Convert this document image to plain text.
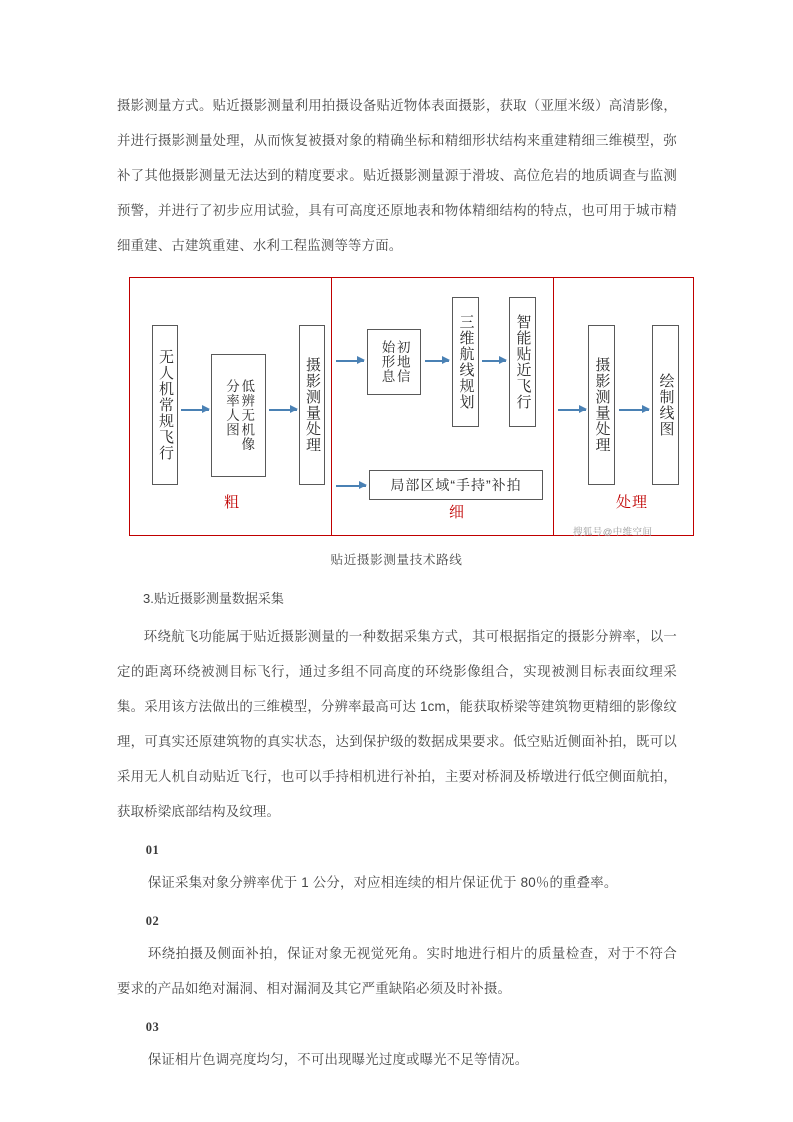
摄影测量方式。贴近摄影测量利用拍摄设备贴近物体表面摄影，获取（亚厘米级）高清影像，并进行摄影测量处理，从而恢复被摄对象的精确坐标和精细形状结构来重建精细三维模型，弥补了其他摄影测量无法达到的精度要求。贴近摄影测量源于滑坡、高位危岩的地质调查与监测预警，并进行了初步应用试验，具有可高度还原地表和物体精细结构的特点，也可用于城市精细重建、古建筑重建、水利工程监测等等方面。

无人机常规飞行	低辨无机像
分率人图	摄影测量处理
粗
初地信
始形息	三维航线规划	智能贴近飞行
局部区域“手持”补拍
细
摄影测量处理	绘制线图
处理
搜狐号@中维空间
贴近摄影测量技术路线

3.贴近摄影测量数据采集

环绕航飞功能属于贴近摄影测量的一种数据采集方式，其可根据指定的摄影分辨率，以一定的距离环绕被测目标飞行，通过多组不同高度的环绕影像组合，实现被测目标表面纹理采集。采用该方法做出的三维模型，分辨率最高可达 1cm，能获取桥梁等建筑物更精细的影像纹理，可真实还原建筑物的真实状态，达到保护级的数据成果要求。低空贴近侧面补拍，既可以采用无人机自动贴近飞行，也可以手持相机进行补拍，主要对桥洞及桥墩进行低空侧面航拍，获取桥梁底部结构及纹理。

01

保证采集对象分辨率优于 1 公分，对应相连续的相片保证优于 80％的重叠率。

02

环绕拍摄及侧面补拍，保证对象无视觉死角。实时地进行相片的质量检查，对于不符合要求的产品如绝对漏洞、相对漏洞及其它严重缺陷必须及时补摄。

03

保证相片色调亮度均匀，不可出现曝光过度或曝光不足等情况。
